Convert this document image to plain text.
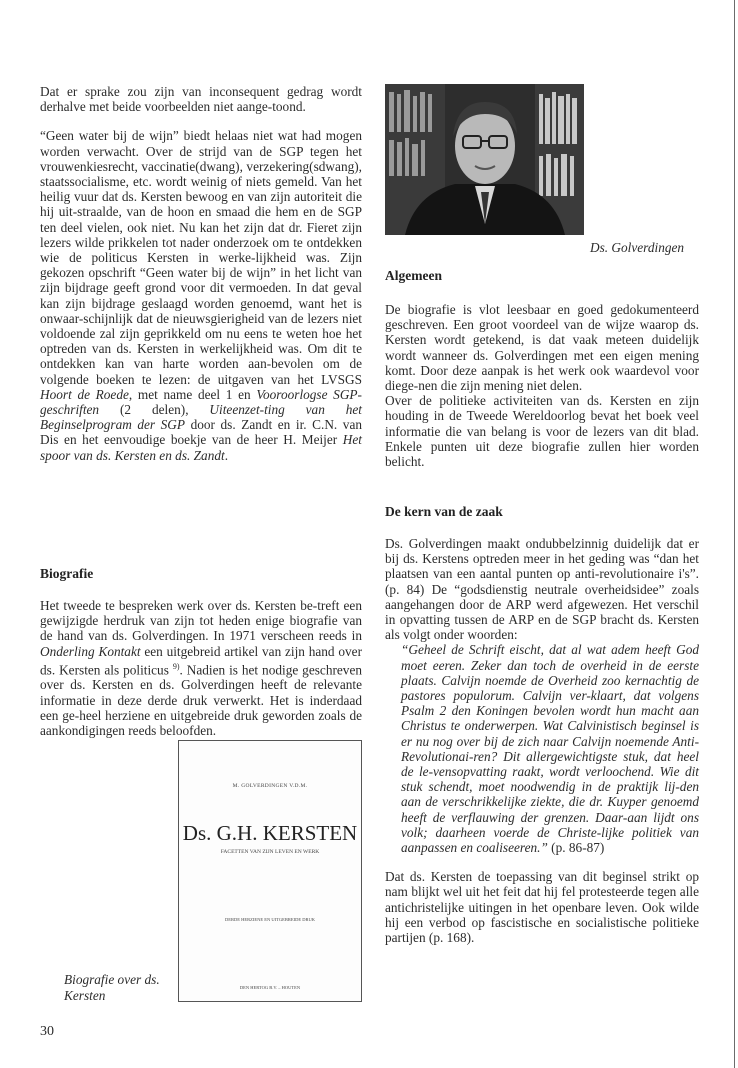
Dat er sprake zou zijn van inconsequent gedrag wordt derhalve met beide voorbeelden niet aange-toond.

“Geen water bij de wijn” biedt helaas niet wat had mogen worden verwacht. Over de strijd van de SGP tegen het vrouwenkiesrecht, vaccinatie(dwang), verzekering(sdwang), staatssocialisme, etc. wordt weinig of niets gemeld. Van het heilig vuur dat ds. Kersten bewoog en van zijn autoriteit die hij uit-straalde, van de hoon en smaad die hem en de SGP ten deel vielen, ook niet. Nu kan het zijn dat dr. Fieret zijn lezers wilde prikkelen tot nader onderzoek om te ontdekken wie de politicus Kersten in werke-lijkheid was. Zijn gekozen opschrift “Geen water bij de wijn” in het licht van zijn bijdrage geeft grond voor dit vermoeden. In dat geval kan zijn bijdrage geslaagd worden genoemd, want het is onwaar-schijnlijk dat de nieuwsgierigheid van de lezers niet voldoende zal zijn geprikkeld om nu eens te weten hoe het optreden van ds. Kersten in werkelijkheid was. Om dit te ontdekken kan van harte worden aan-bevolen om de volgende boeken te lezen: de uitgaven van het LVSGS Hoort de Roede, met name deel 1 en Vooroorlogse SGP-geschriften (2 delen), Uiteenzet-ting van het Beginselprogram der SGP door ds. Zandt en ir. C.N. van Dis en het eenvoudige boekje van de heer H. Meijer Het spoor van ds. Kersten en ds. Zandt.

Biografie

Het tweede te bespreken werk over ds. Kersten be-treft een gewijzigde herdruk van zijn tot heden enige biografie van de hand van ds. Golverdingen. In 1971 verscheen reeds in Onderling Kontakt een uitgebreid artikel van zijn hand over ds. Kersten als politicus $^{9)}$. Nadien is het nodige geschreven over ds. Kersten en ds. Golverdingen heeft de relevante informatie in deze derde druk verwerkt. Het is inderdaad een ge-heel herziene en uitgebreide druk geworden zoals de aankondigingen reeds beloofden.

M. GOLVERDINGEN V.D.M.
Ds. G.H. KERSTEN
FACETTEN VAN ZIJN LEVEN EN WERK
DERDE HERZIENE EN UITGEBREIDE DRUK
DEN HERTOG B.V. – HOUTEN
Biografie over ds. Kersten
30
Ds. Golverdingen
Algemeen

De biografie is vlot leesbaar en goed gedokumenteerd geschreven. Een groot voordeel van de wijze waarop ds. Kersten wordt getekend, is dat vaak meteen duidelijk wordt wanneer ds. Golverdingen met een eigen mening komt. Door deze aanpak is het werk ook waardevol voor diege-nen die zijn mening niet delen.

Over de politieke activiteiten van ds. Kersten en zijn houding in de Tweede Wereldoorlog bevat het boek veel informatie die van belang is voor de lezers van dit blad. Enkele punten uit deze biografie zullen hier worden belicht.

De kern van de zaak

Ds. Golverdingen maakt ondubbelzinnig duidelijk dat er bij ds. Kerstens optreden meer in het geding was “dan het plaatsen van een aantal punten op anti-revolutionaire i's”. (p. 84) De “godsdienstig neutrale overheidsidee” zoals aangehangen door de ARP werd afgewezen. Het verschil in opvatting tussen de ARP en de SGP bracht ds. Kersten als volgt onder woorden:

“Geheel de Schrift eischt, dat al wat adem heeft God moet eeren. Zeker dan toch de overheid in de eerste plaats. Calvijn noemde de Overheid zoo kernachtig de pastores populorum. Calvijn ver-klaart, dat volgens Psalm 2 den Koningen bevolen wordt hun macht aan Christus te onderwerpen. Wat Calvinistisch beginsel is er nu nog over bij de zich naar Calvijn noemende Anti-Revolutionai-ren? Dit allergewichtigste stuk, dat heel de le-vensopvatting raakt, wordt verloochend. Wie dit stuk schendt, moet noodwendig in de praktijk lij-den aan de verschrikkelijke ziekte, die dr. Kuyper genoemd heeft de verflauwing der grenzen. Daar-aan lijdt ons volk; daarheen voerde de Christe-lijke politiek van aanpassen en coaliseeren.” (p. 86-87)

Dat ds. Kersten de toepassing van dit beginsel strikt op nam blijkt wel uit het feit dat hij fel protesteerde tegen alle antichristelijke uitingen in het openbare leven. Ook wilde hij een verbod op fascistische en socialistische politieke partijen (p. 168).
